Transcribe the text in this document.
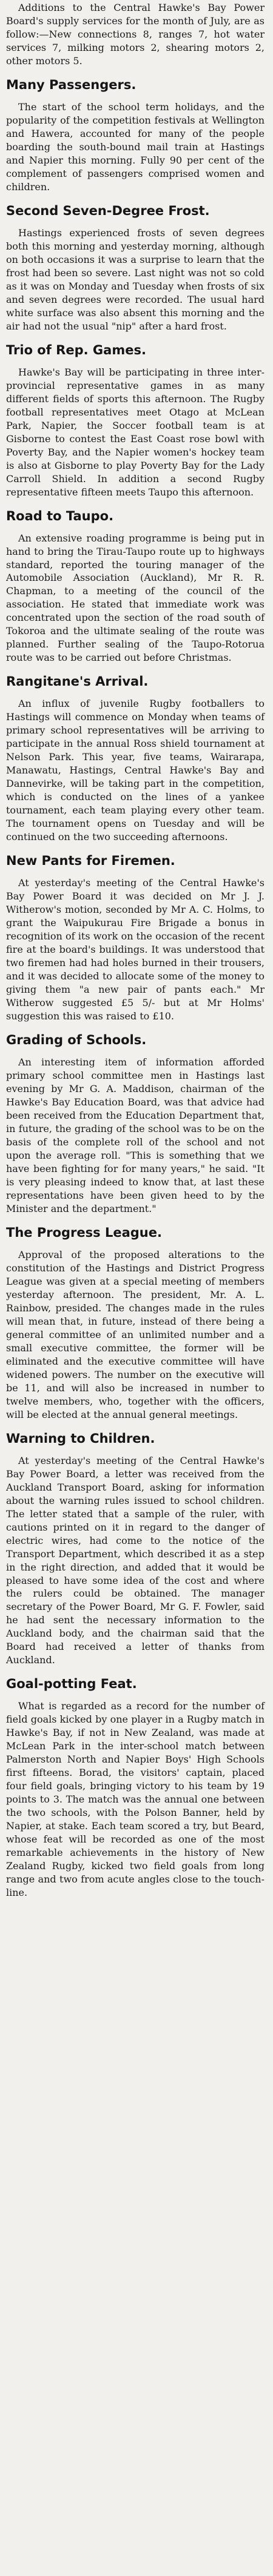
Additions to the Central Hawke's Bay Power Board's supply services for the month of July, are as follow:—New connections 8, ranges 7, hot water services 7, milking motors 2, shearing motors 2, other motors 5.

Many Passengers.

The start of the school term holidays, and the popularity of the competition festivals at Wellington and Hawera, accounted for many of the people boarding the south-bound mail train at Hastings and Napier this morning. Fully 90 per cent of the complement of passengers comprised women and children.

Second Seven-Degree Frost.

Hastings experienced frosts of seven degrees both this morning and yesterday morning, although on both occasions it was a surprise to learn that the frost had been so severe. Last night was not so cold as it was on Monday and Tuesday when frosts of six and seven degrees were recorded. The usual hard white surface was also absent this morning and the air had not the usual "nip" after a hard frost.

Trio of Rep. Games.

Hawke's Bay will be participating in three inter-provincial representative games in as many different fields of sports this afternoon. The Rugby football representatives meet Otago at McLean Park, Napier, the Soccer football team is at Gisborne to contest the East Coast rose bowl with Poverty Bay, and the Napier women's hockey team is also at Gisborne to play Poverty Bay for the Lady Carroll Shield. In addition a second Rugby representative fifteen meets Taupo this afternoon.

Road to Taupo.

An extensive roading programme is being put in hand to bring the Tirau-Taupo route up to highways standard, reported the touring manager of the Automobile Association (Auckland), Mr R. R. Chapman, to a meeting of the council of the association. He stated that immediate work was concentrated upon the section of the road south of Tokoroa and the ultimate sealing of the route was planned. Further sealing of the Taupo-Rotorua route was to be carried out before Christmas.

Rangitane's Arrival.

An influx of juvenile Rugby footballers to Hastings will commence on Monday when teams of primary school representatives will be arriving to participate in the annual Ross shield tournament at Nelson Park. This year, five teams, Wairarapa, Manawatu, Hastings, Central Hawke's Bay and Dannevirke, will be taking part in the competition, which is conducted on the lines of a yankee tournament, each team playing every other team. The tournament opens on Tuesday and will be continued on the two succeeding afternoons.

New Pants for Firemen.

At yesterday's meeting of the Central Hawke's Bay Power Board it was decided on Mr J. J. Witherow's motion, seconded by Mr A. C. Holms, to grant the Waipukurau Fire Brigade a bonus in recognition of its work on the occasion of the recent fire at the board's buildings. It was understood that two firemen had had holes burned in their trousers, and it was decided to allocate some of the money to giving them "a new pair of pants each." Mr Witherow suggested £5 5/- but at Mr Holms' suggestion this was raised to £10.

Grading of Schools.

An interesting item of information afforded primary school committee men in Hastings last evening by Mr G. A. Maddison, chairman of the Hawke's Bay Education Board, was that advice had been received from the Education Department that, in future, the grading of the school was to be on the basis of the complete roll of the school and not upon the average roll. "This is something that we have been fighting for for many years," he said. "It is very pleasing indeed to know that, at last these representations have been given heed to by the Minister and the department."

The Progress League.

Approval of the proposed alterations to the constitution of the Hastings and District Progress League was given at a special meeting of members yesterday afternoon. The president, Mr. A. L. Rainbow, presided. The changes made in the rules will mean that, in future, instead of there being a general committee of an unlimited number and a small executive committee, the former will be eliminated and the executive committee will have widened powers. The number on the executive will be 11, and will also be increased in number to twelve members, who, together with the officers, will be elected at the annual general meetings.

Warning to Children.

At yesterday's meeting of the Central Hawke's Bay Power Board, a letter was received from the Auckland Transport Board, asking for information about the warning rules issued to school children. The letter stated that a sample of the ruler, with cautions printed on it in regard to the danger of electric wires, had come to the notice of the Transport Department, which described it as a step in the right direction, and added that it would be pleased to have some idea of the cost and where the rulers could be obtained. The manager secretary of the Power Board, Mr G. F. Fowler, said he had sent the necessary information to the Auckland body, and the chairman said that the Board had received a letter of thanks from Auckland.

Goal-potting Feat.

What is regarded as a record for the number of field goals kicked by one player in a Rugby match in Hawke's Bay, if not in New Zealand, was made at McLean Park in the inter-school match between Palmerston North and Napier Boys' High Schools first fifteens. Borad, the visitors' captain, placed four field goals, bringing victory to his team by 19 points to 3. The match was the annual one between the two schools, with the Polson Banner, held by Napier, at stake. Each team scored a try, but Beard, whose feat will be recorded as one of the most remarkable achievements in the history of New Zealand Rugby, kicked two field goals from long range and two from acute angles close to the touch-line.
